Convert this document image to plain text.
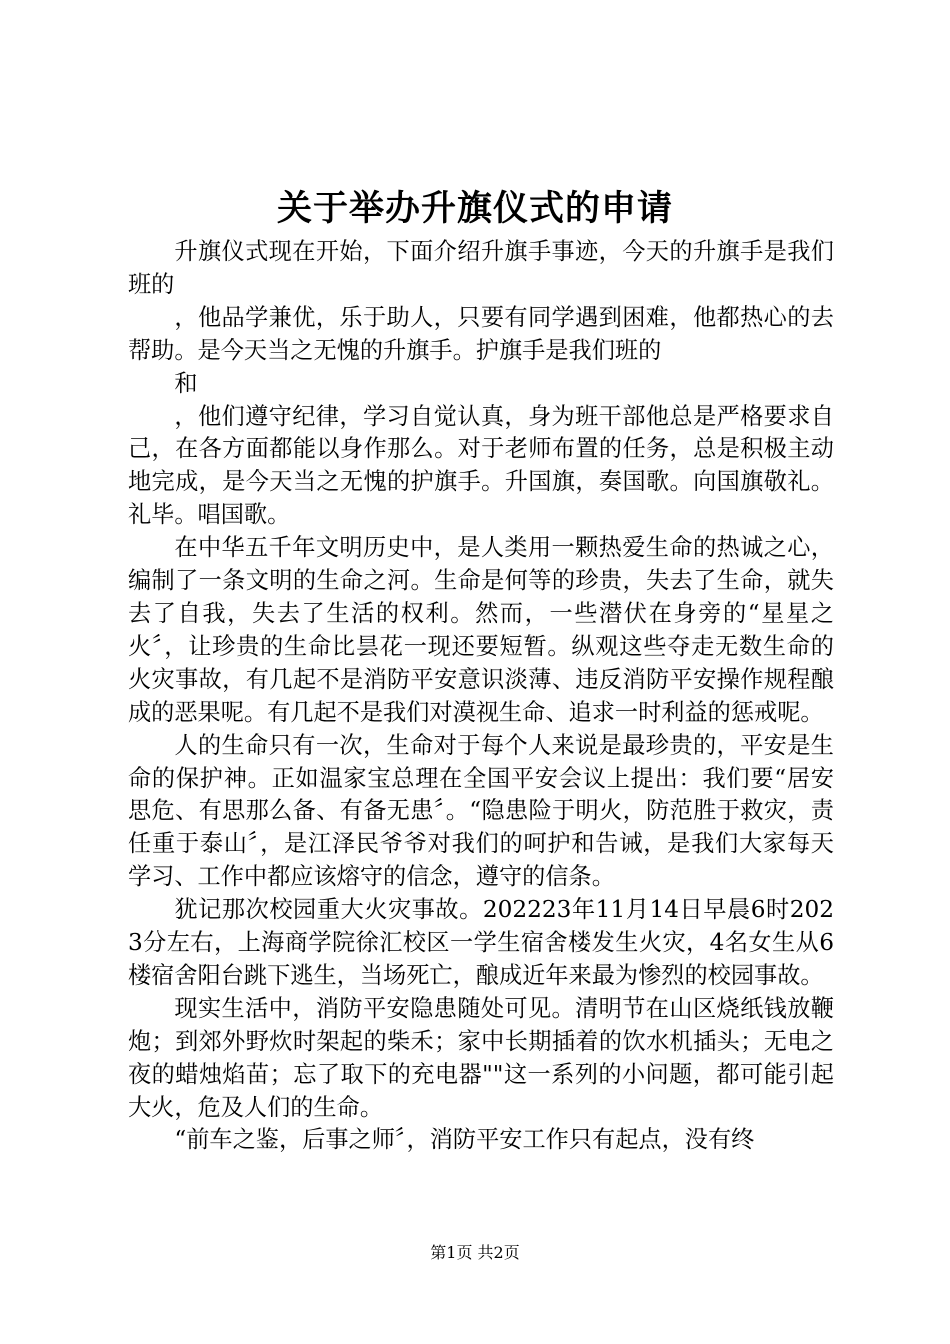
关于举办升旗仪式的申请

升旗仪式现在开始，下面介绍升旗手事迹，今天的升旗手是我们班的

，他品学兼优，乐于助人，只要有同学遇到困难，他都热心的去帮助。是今天当之无愧的升旗手。护旗手是我们班的

和

，他们遵守纪律，学习自觉认真，身为班干部他总是严格要求自己，在各方面都能以身作那么。对于老师布置的任务，总是积极主动地完成，是今天当之无愧的护旗手。升国旗，奏国歌。向国旗敬礼。礼毕。唱国歌。

在中华五千年文明历史中，是人类用一颗热爱生命的热诚之心，编制了一条文明的生命之河。生命是何等的珍贵，失去了生命，就失去了自我，失去了生活的权利。然而，一些潜伏在身旁的“星星之火〞，让珍贵的生命比昙花一现还要短暂。纵观这些夺走无数生命的火灾事故，有几起不是消防平安意识淡薄、违反消防平安操作规程酿成的恶果呢。有几起不是我们对漠视生命、追求一时利益的惩戒呢。

人的生命只有一次，生命对于每个人来说是最珍贵的，平安是生命的保护神。正如温家宝总理在全国平安会议上提出：我们要“居安思危、有思那么备、有备无患〞。“隐患险于明火，防范胜于救灾，责任重于泰山〞，是江泽民爷爷对我们的呵护和告诫，是我们大家每天学习、工作中都应该熔守的信念，遵守的信条。

犹记那次校园重大火灾事故。202223年11月14日早晨6时2023分左右，上海商学院徐汇校区一学生宿舍楼发生火灾，4名女生从6楼宿舍阳台跳下逃生，当场死亡，酿成近年来最为惨烈的校园事故。

现实生活中，消防平安隐患随处可见。清明节在山区烧纸钱放鞭炮；到郊外野炊时架起的柴禾；家中长期插着的饮水机插头；无电之夜的蜡烛焰苗；忘了取下的充电器""这一系列的小问题，都可能引起大火，危及人们的生命。

“前车之鉴，后事之师〞，消防平安工作只有起点，没有终

第1页 共2页
